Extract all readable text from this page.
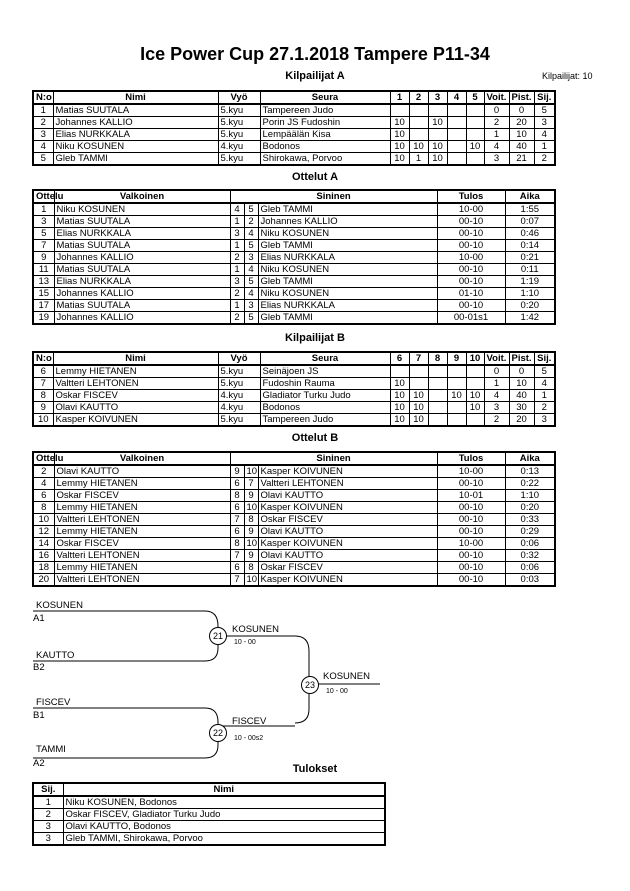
Ice Power Cup 27.1.2018 Tampere P11-34
Kilpailijat A	Kilpailijat: 10
N:o	Nimi	Vyö	Seura	1	2	3	4	5	Voit.	Pist.	Sij.
1	Matias SUUTALA	5.kyu	Tampereen Judo						0	0	5
2	Johannes KALLIO	5.kyu	Porin JS Fudoshin	10		10			2	20	3
3	Elias NURKKALA	5.kyu	Lempäälän Kisa	10					1	10	4
4	Niku KOSUNEN	4.kyu	Bodonos	10	10	10		10	4	40	1
5	Gleb TAMMI	5.kyu	Shirokawa, Porvoo	10	1	10			3	21	2
Ottelut A
Ottelu	Valkoinen	Sininen			Tulos	Aika
1	Niku KOSUNEN	4	5	Gleb TAMMI	10-00	1:55
3	Matias SUUTALA	1	2	Johannes KALLIO	00-10	0:07
5	Elias NURKKALA	3	4	Niku KOSUNEN	00-10	0:46
7	Matias SUUTALA	1	5	Gleb TAMMI	00-10	0:14
9	Johannes KALLIO	2	3	Elias NURKKALA	10-00	0:21
11	Matias SUUTALA	1	4	Niku KOSUNEN	00-10	0:11
13	Elias NURKKALA	3	5	Gleb TAMMI	00-10	1:19
15	Johannes KALLIO	2	4	Niku KOSUNEN	01-10	1:10
17	Matias SUUTALA	1	3	Elias NURKKALA	00-10	0:20
19	Johannes KALLIO	2	5	Gleb TAMMI	00-01s1	1:42
Kilpailijat B
N:o	Nimi	Vyö	Seura	6	7	8	9	10	Voit.	Pist.	Sij.
6	Lemmy HIETANEN	5.kyu	Seinäjoen JS						0	0	5
7	Valtteri LEHTONEN	5.kyu	Fudoshin Rauma	10					1	10	4
8	Oskar FISCEV	4.kyu	Gladiator Turku Judo	10	10		10	10	4	40	1
9	Olavi KAUTTO	4.kyu	Bodonos	10	10			10	3	30	2
10	Kasper KOIVUNEN	5.kyu	Tampereen Judo	10	10				2	20	3
Ottelut B
Ottelu	Valkoinen	Sininen			Tulos	Aika
2	Olavi KAUTTO	9	10	Kasper KOIVUNEN	10-00	0:13
4	Lemmy HIETANEN	6	7	Valtteri LEHTONEN	00-10	0:22
6	Oskar FISCEV	8	9	Olavi KAUTTO	10-01	1:10
8	Lemmy HIETANEN	6	10	Kasper KOIVUNEN	00-10	0:20
10	Valtteri LEHTONEN	7	8	Oskar FISCEV	00-10	0:33
12	Lemmy HIETANEN	6	9	Olavi KAUTTO	00-10	0:29
14	Oskar FISCEV	8	10	Kasper KOIVUNEN	10-00	0:06
16	Valtteri LEHTONEN	7	9	Olavi KAUTTO	00-10	0:32
18	Lemmy HIETANEN	6	8	Oskar FISCEV	00-10	0:06
20	Valtteri LEHTONEN	7	10	Kasper KOIVUNEN	00-10	0:03
KOSUNEN
A1
KAUTTO
B2
FISCEV
B1
TAMMI
A2
21
KOSUNEN
10 - 00
22
FISCEV
10 - 00s2
23
KOSUNEN
10 - 00
Tulokset
Sij.	Nimi
1	Niku KOSUNEN, Bodonos
2	Oskar FISCEV, Gladiator Turku Judo
3	Olavi KAUTTO, Bodonos
3	Gleb TAMMI, Shirokawa, Porvoo
